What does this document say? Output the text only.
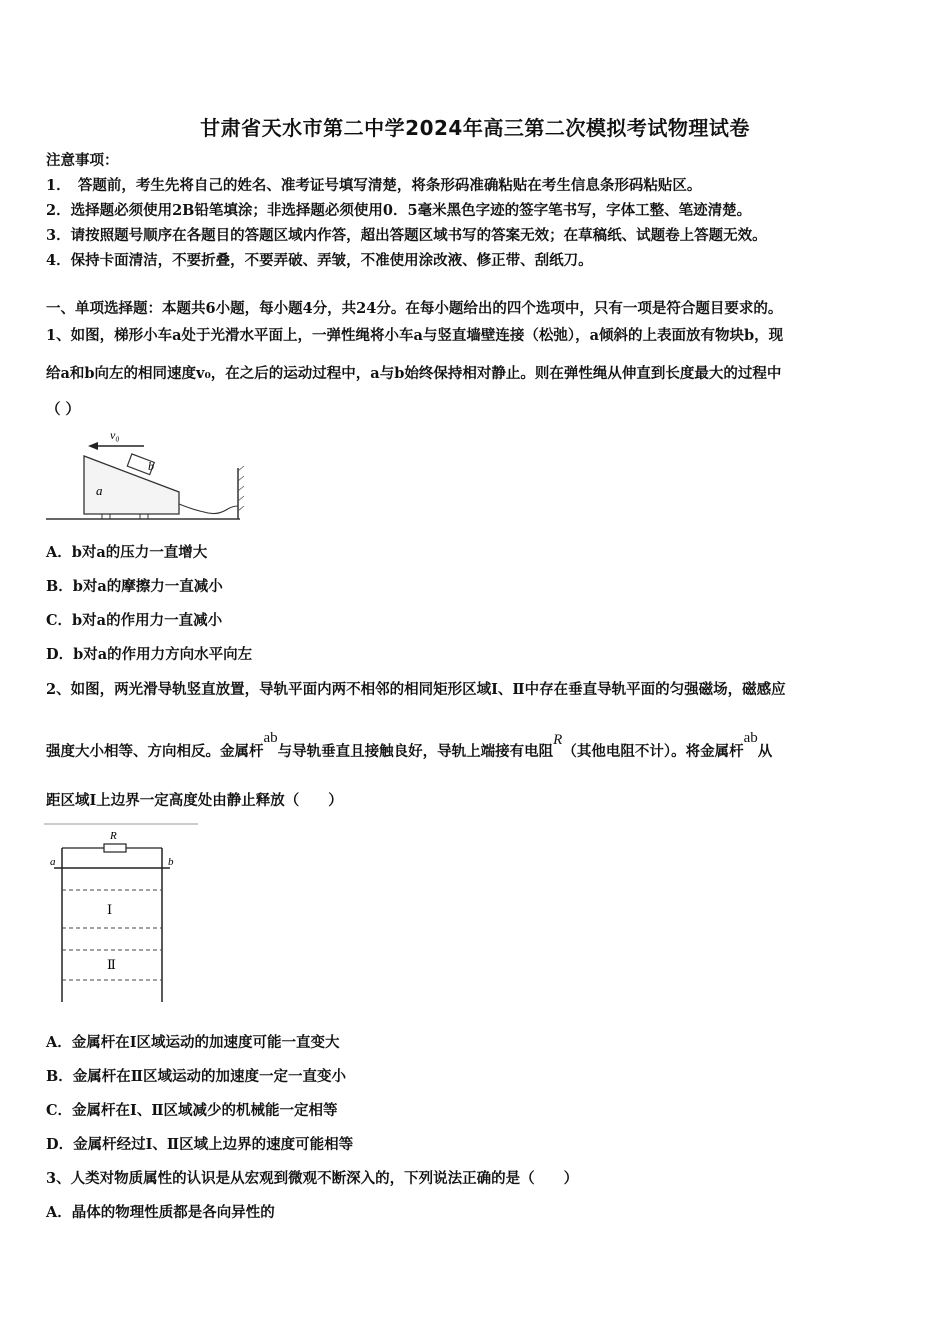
甘肃省天水市第二中学2024年高三第二次模拟考试物理试卷
注意事项：
1．　答题前，考生先将自己的姓名、准考证号填写清楚，将条形码准确粘贴在考生信息条形码粘贴区。
2．选择题必须使用2B铅笔填涂；非选择题必须使用0．5毫米黑色字迹的签字笔书写，字体工整、笔迹清楚。
3．请按照题号顺序在各题目的答题区域内作答，超出答题区域书写的答案无效；在草稿纸、试题卷上答题无效。
4．保持卡面清洁，不要折叠，不要弄破、弄皱，不准使用涂改液、修正带、刮纸刀。
一、单项选择题：本题共6小题，每小题4分，共24分。在每小题给出的四个选项中，只有一项是符合题目要求的。
1、如图，梯形小车a处于光滑水平面上，一弹性绳将小车a与竖直墙壁连接（松弛），a倾斜的上表面放有物块b，现
给a和b向左的相同速度v₀，在之后的运动过程中，a与b始终保持相对静止。则在弹性绳从伸直到长度最大的过程中
（ ）
v₀
a
b
A．b对a的压力一直增大
B．b对a的摩擦力一直减小
C．b对a的作用力一直减小
D．b对a的作用力方向水平向左
2、如图，两光滑导轨竖直放置，导轨平面内两不相邻的相同矩形区域Ⅰ、Ⅱ中存在垂直导轨平面的匀强磁场，磁感应
强度大小相等、方向相反。金属杆ab与导轨垂直且接触良好，导轨上端接有电阻R（其他电阻不计）。将金属杆ab从
距区域Ⅰ上边界一定高度处由静止释放（　　）
R
a	b
Ⅰ
Ⅱ
A．金属杆在Ⅰ区域运动的加速度可能一直变大
B．金属杆在Ⅱ区域运动的加速度一定一直变小
C．金属杆在Ⅰ、Ⅱ区域减少的机械能一定相等
D．金属杆经过Ⅰ、Ⅱ区域上边界的速度可能相等
3、人类对物质属性的认识是从宏观到微观不断深入的，下列说法正确的是（　　）
A．晶体的物理性质都是各向异性的
